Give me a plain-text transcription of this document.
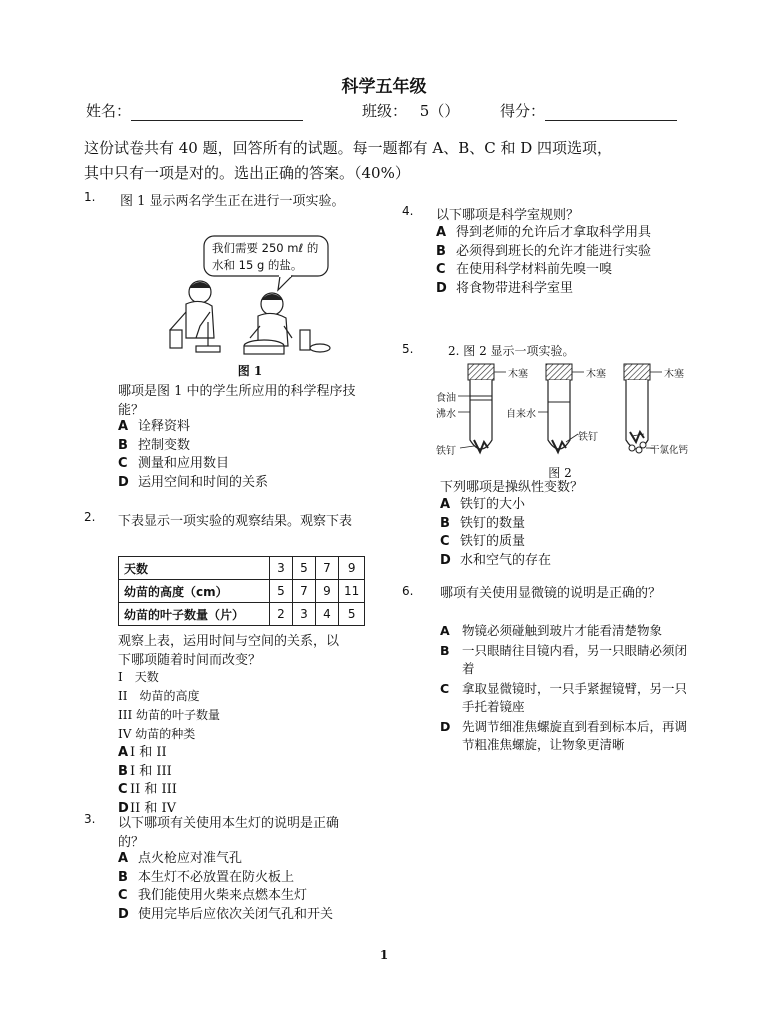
科学五年级
姓名：	班级： 5（）	得分：
这份试卷共有 40 题，回答所有的试题。每一题都有 A、B、C 和 D 四项选项，
其中只有一项是对的。选出正确的答案。（40%）
1. 图 1 显示两名学生正在进行一项实验。
我们需要 250 mℓ 的
水和 15 g 的盐。
图 1
哪项是图 1 中的学生所应用的科学程序技能？
A 诠释资料
B 控制变数
C 测量和应用数目
D 运用空间和时间的关系
2. 下表显示一项实验的观察结果。观察下表
天数	3	5	7	9
幼苗的高度（cm）	5	7	9	11
幼苗的叶子数量（片）	2	3	4	5
观察上表，运用时间与空间的关系，以下哪项随着时间而改变？
I　天数
II　幼苗的高度
III 幼苗的叶子数量
IV 幼苗的种类
A I 和 II
B I 和 III
C II 和 III
D II 和 IV
3. 以下哪项有关使用本生灯的说明是正确的？
A 点火枪应对准气孔
B 本生灯不必放置在防火板上
C 我们能使用火柴来点燃本生灯
D 使用完毕后应依次关闭气孔和开关
4. 以下哪项是科学室规则？
A 得到老师的允许后才拿取科学用具
B 必须得到班长的允许才能进行实验
C 在使用科学材料前先嗅一嗅
D 将食物带进科学室里
5.	2. 图 2 显示一项实验。
木塞	木塞	木塞
食油
沸水	自来水
铁钉
铁钉
干氯化钙
图 2
下列哪项是操纵性变数？
A 铁钉的大小
B 铁钉的数量
C 铁钉的质量
D 水和空气的存在
6. 哪项有关使用显微镜的说明是正确的？
A 物镜必须碰触到玻片才能看清楚物象
B 一只眼睛往目镜内看，另一只眼睛必须闭着
C	拿取显微镜时，一只手紧握镜臂，另一只手托着镜座
D 先调节细准焦螺旋直到看到标本后，再调节粗准焦螺旋，让物象更清晰
1
